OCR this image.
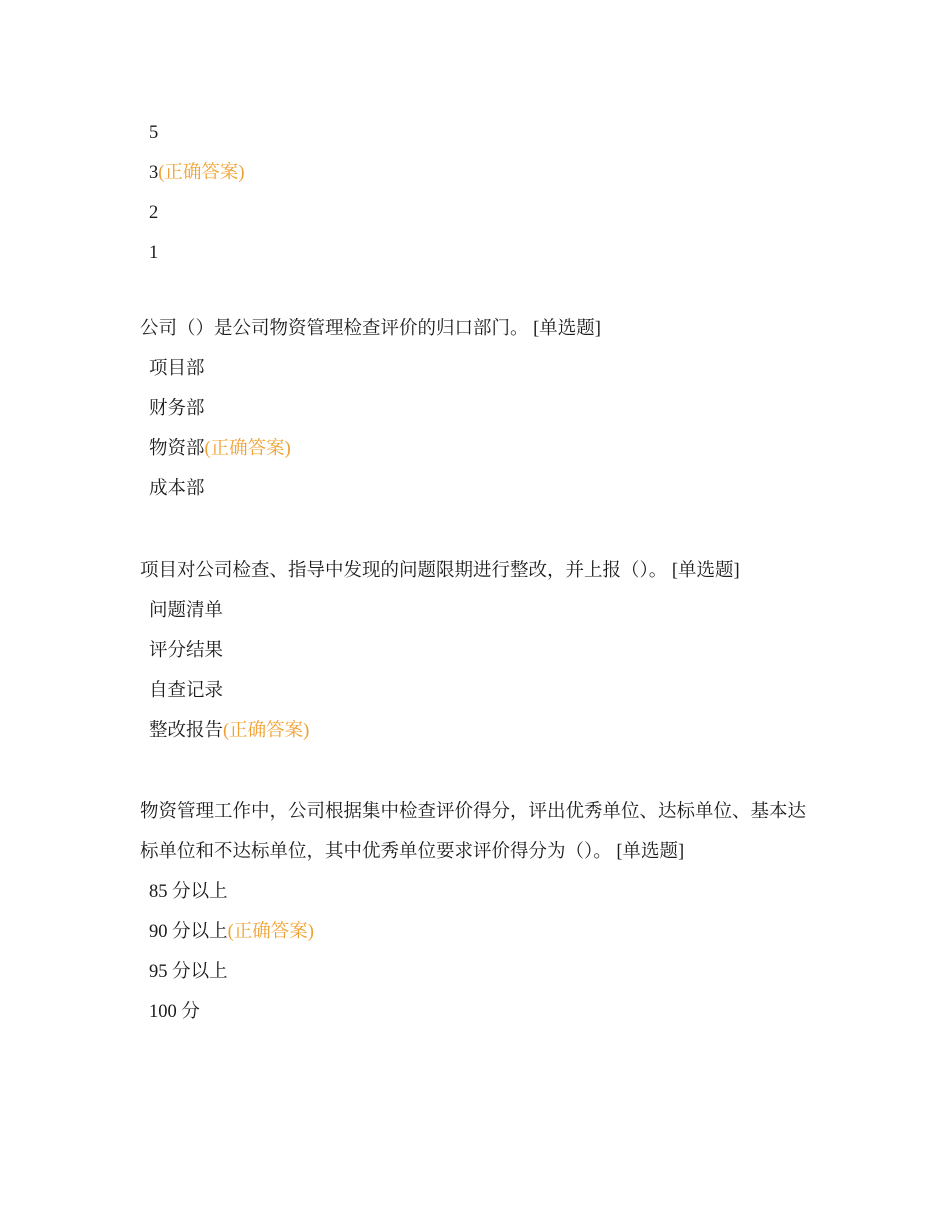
5
3(正确答案)
2
1

公司（）是公司物资管理检查评价的归口部门。 [单选题]

项目部
财务部
物资部(正确答案)
成本部

项目对公司检查、指导中发现的问题限期进行整改，并上报（）。 [单选题]

问题清单
评分结果
自查记录
整改报告(正确答案)

物资管理工作中，公司根据集中检查评价得分，评出优秀单位、达标单位、基本达标单位和不达标单位，其中优秀单位要求评价得分为（）。 [单选题]

85 分以上
90 分以上(正确答案)
95 分以上
100 分
